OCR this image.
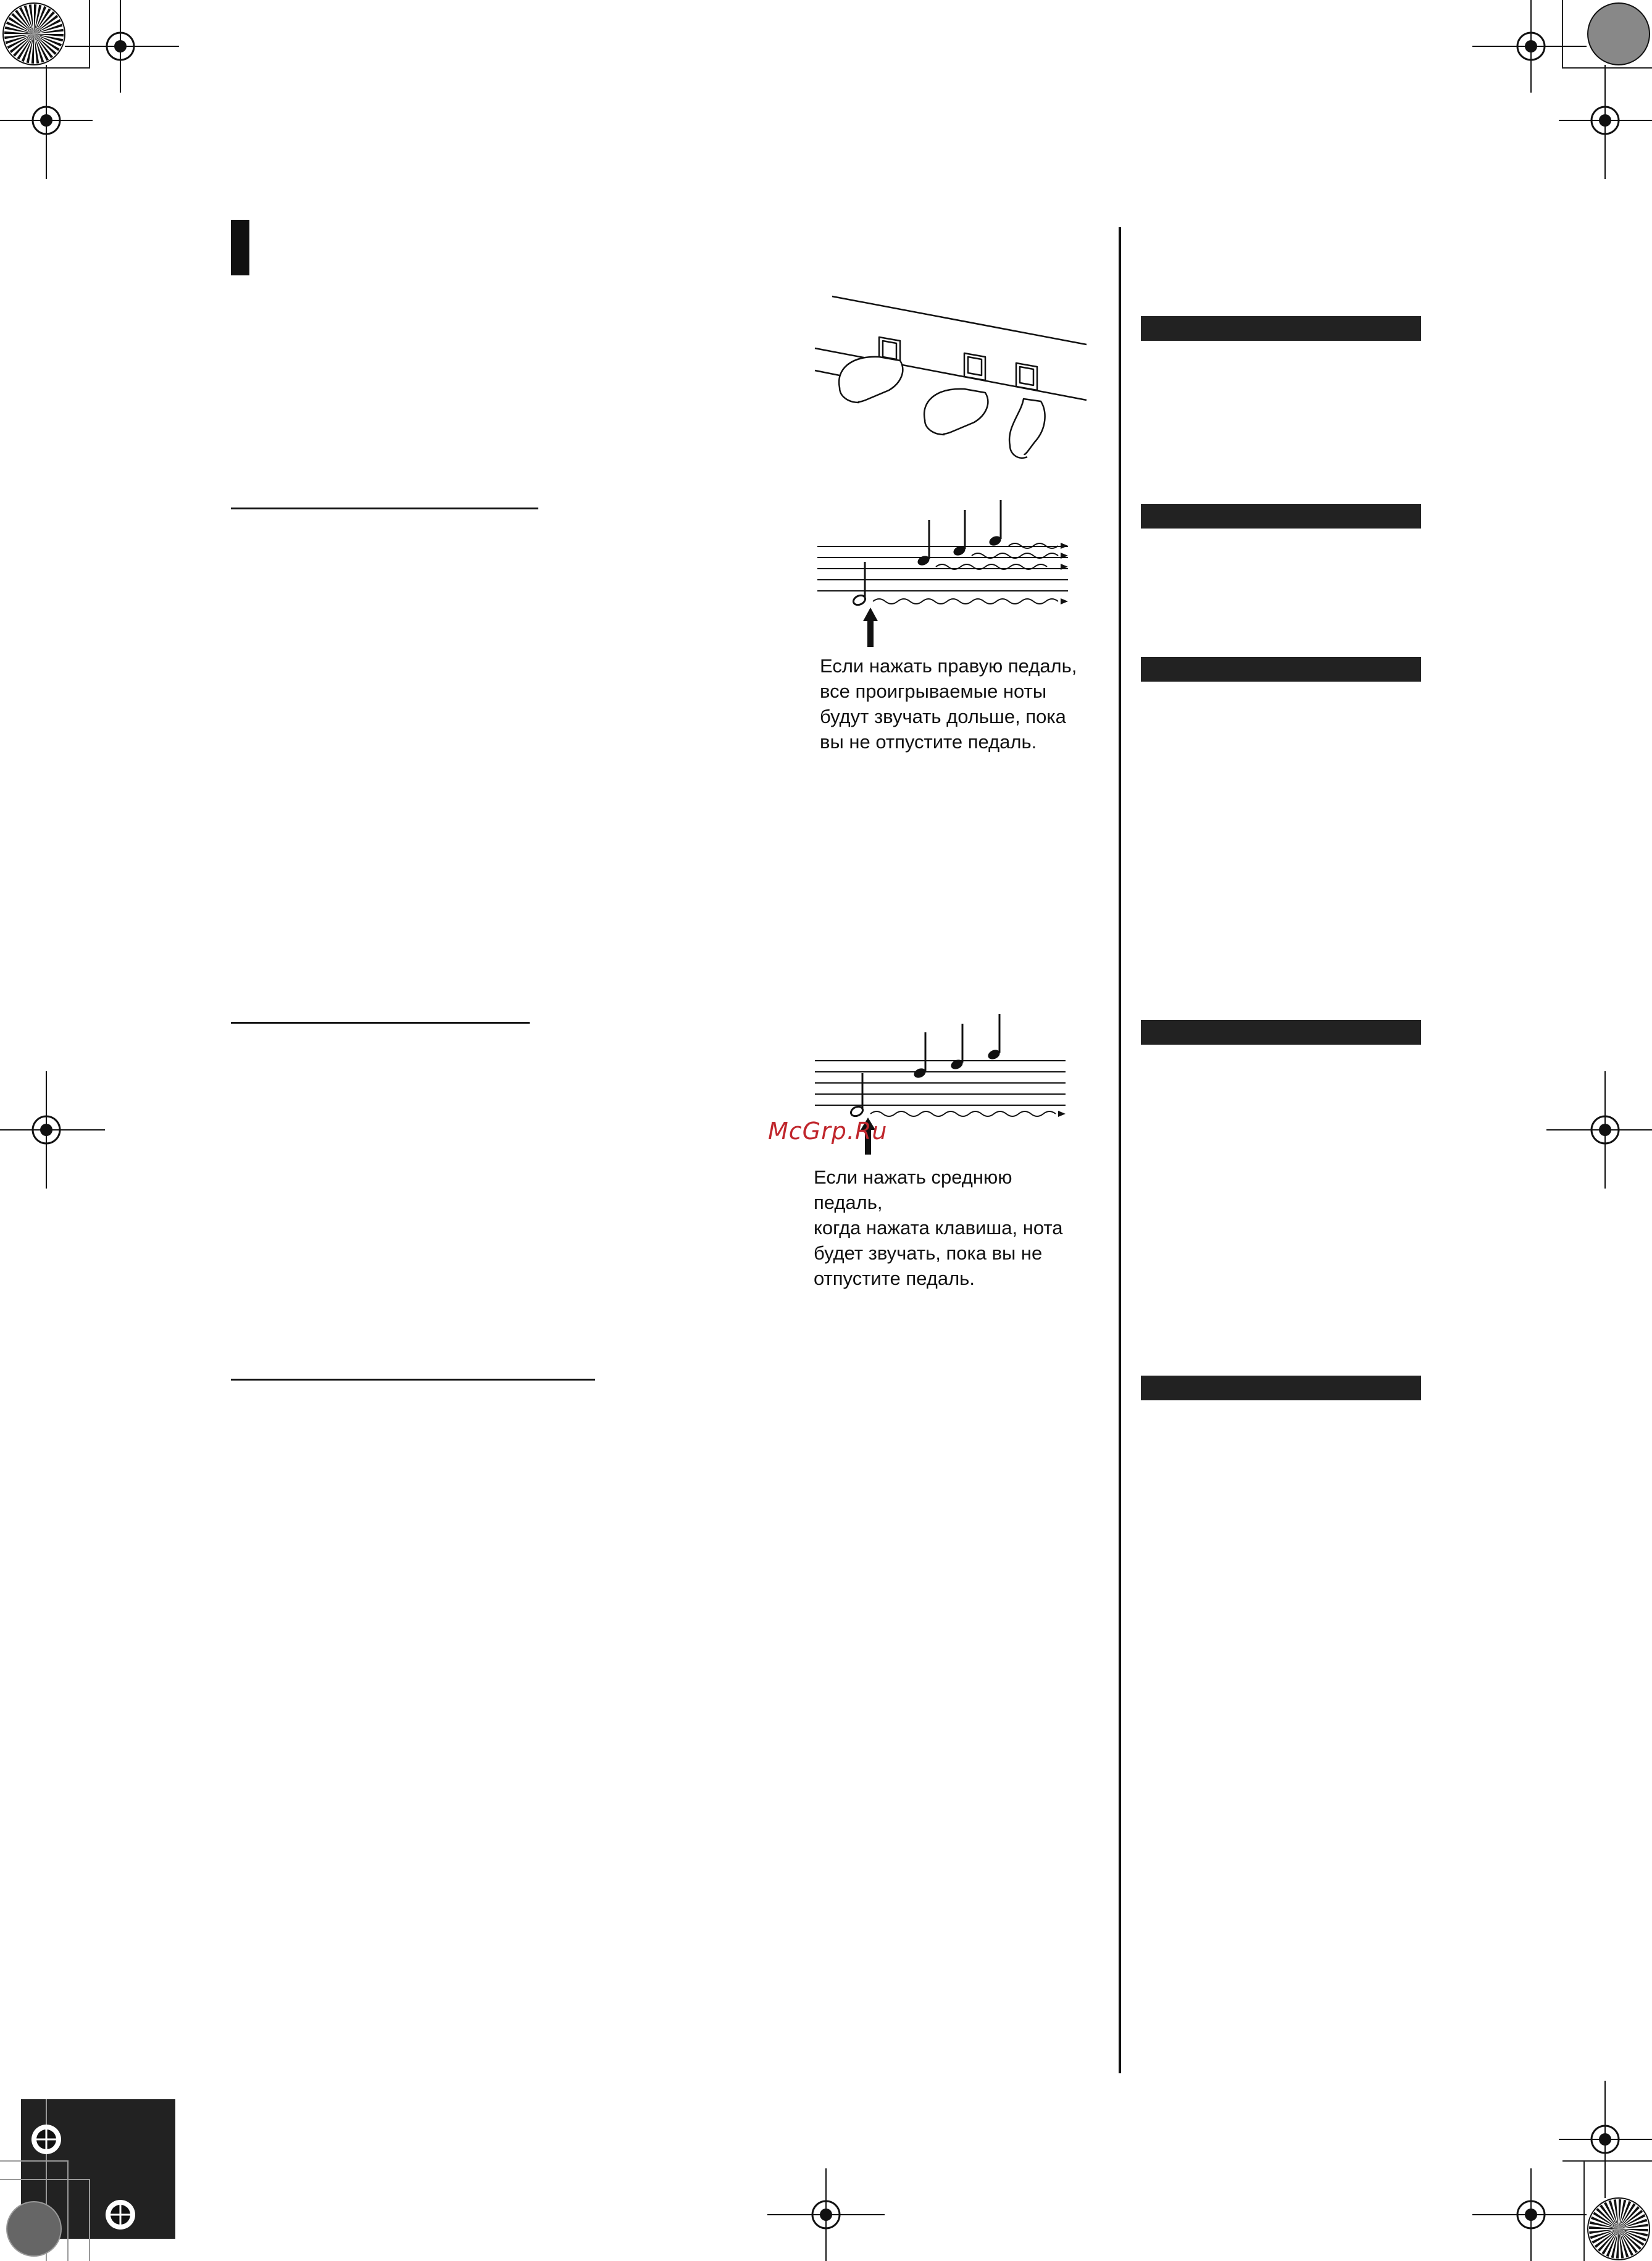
Если нажать правую педаль,
все проигрываемые ноты
будут звучать дольше, пока
вы не отпустите педаль.
Если нажать среднюю педаль,
когда нажата клавиша, нота
будет звучать, пока вы не
отпустите педаль.
McGrp.Ru
